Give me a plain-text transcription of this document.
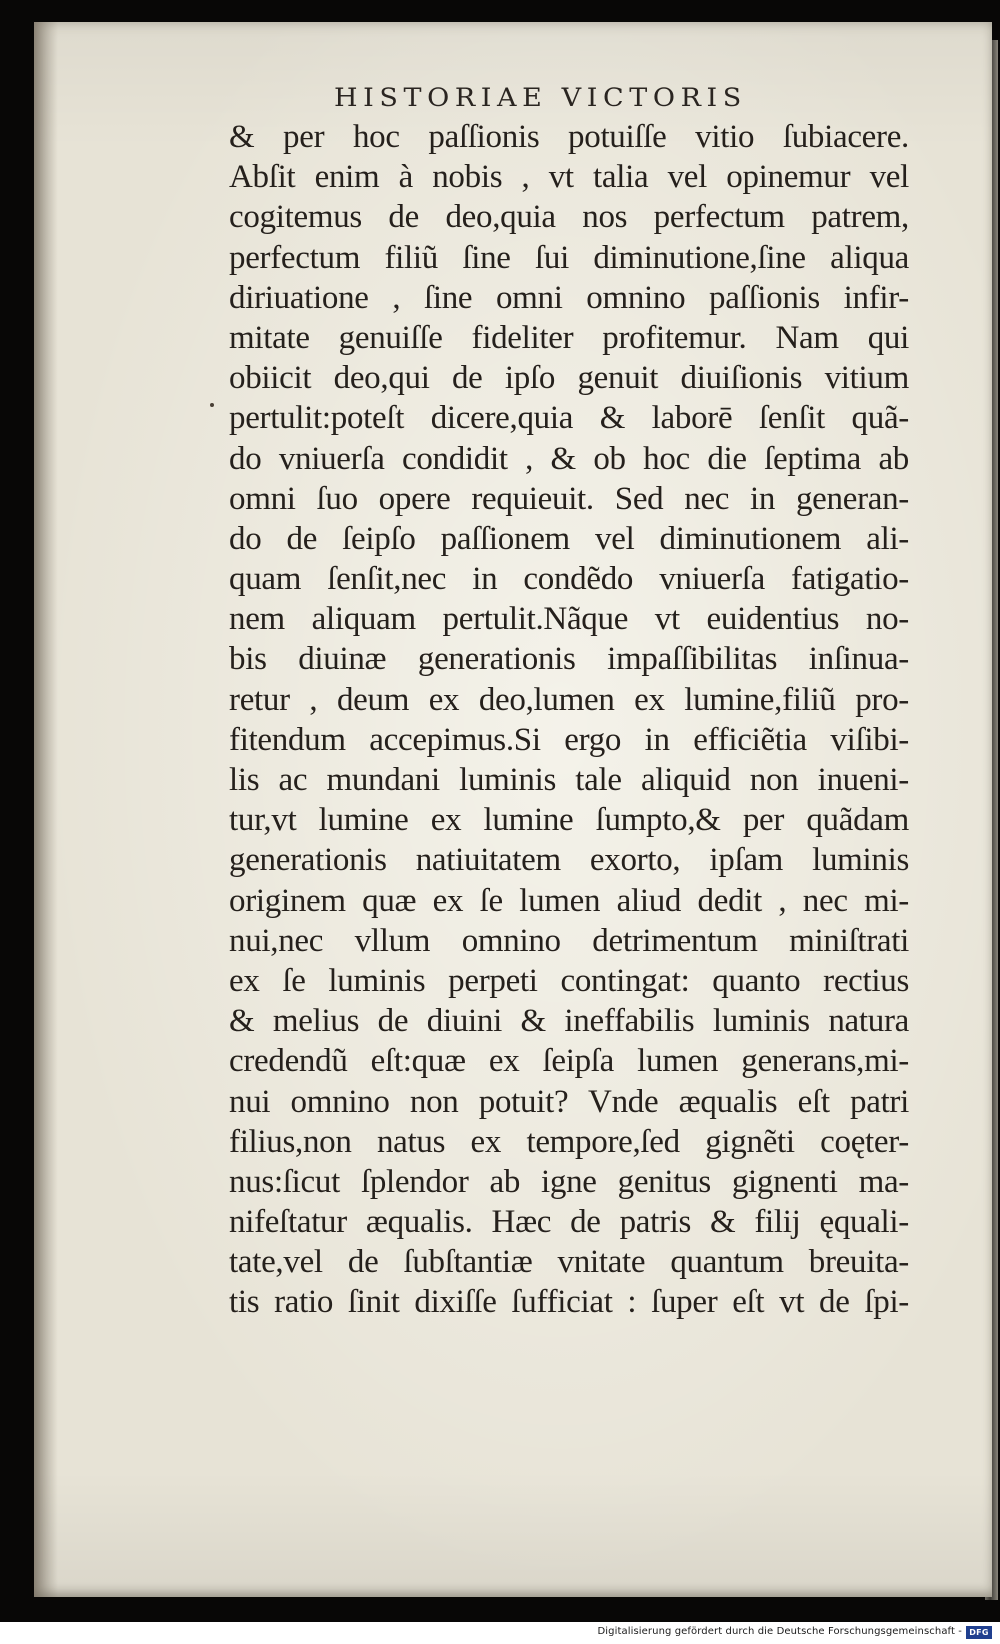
HISTORIAE VICTORIS
& per hoc paſſionis potuiſſe vitio ſubiacere.
Abſit enim à nobis , vt talia vel opinemur vel
cogitemus de deo,quia nos perfectum patrem,
perfectum filiũ ſine ſui diminutione,ſine aliqua
diriuatione , ſine omni omnino paſſionis infir-
mitate genuiſſe fideliter profitemur. Nam qui
obiicit deo,qui de ipſo genuit diuiſionis vitium
pertulit:poteſt dicere,quia & laborē ſenſit quã-
do vniuerſa condidit , & ob hoc die ſeptima ab
omni ſuo opere requieuit. Sed nec in generan-
do de ſeipſo paſſionem vel diminutionem ali-
quam ſenſit,nec in condẽdo vniuerſa fatigatio-
nem aliquam pertulit.Nãque vt euidentius no-
bis diuinæ generationis impaſſibilitas inſinua-
retur , deum ex deo,lumen ex lumine,filiũ pro-
fitendum accepimus.Si ergo in efficiẽtia viſibi-
lis ac mundani luminis tale aliquid non inueni-
tur,vt lumine ex lumine ſumpto,& per quãdam
generationis natiuitatem exorto, ipſam luminis
originem quæ ex ſe lumen aliud dedit , nec mi-
nui,nec vllum omnino detrimentum miniſtrati
ex ſe luminis perpeti contingat: quanto rectius
& melius de diuini & ineffabilis luminis natura
credendũ eſt:quæ ex ſeipſa lumen generans,mi-
nui omnino non potuit? Vnde æqualis eſt patri
filius,non natus ex tempore,ſed gignẽti coęter-
nus:ſicut ſplendor ab igne genitus gignenti ma-
nifeſtatur æqualis. Hæc de patris & filij ęquali-
tate,vel de ſubſtantiæ vnitate quantum breuita-
tis ratio ſinit dixiſſe ſufficiat : ſuper eſt vt de ſpi-
Digitalisierung gefördert durch die Deutsche Forschungsgemeinschaft - DFG
